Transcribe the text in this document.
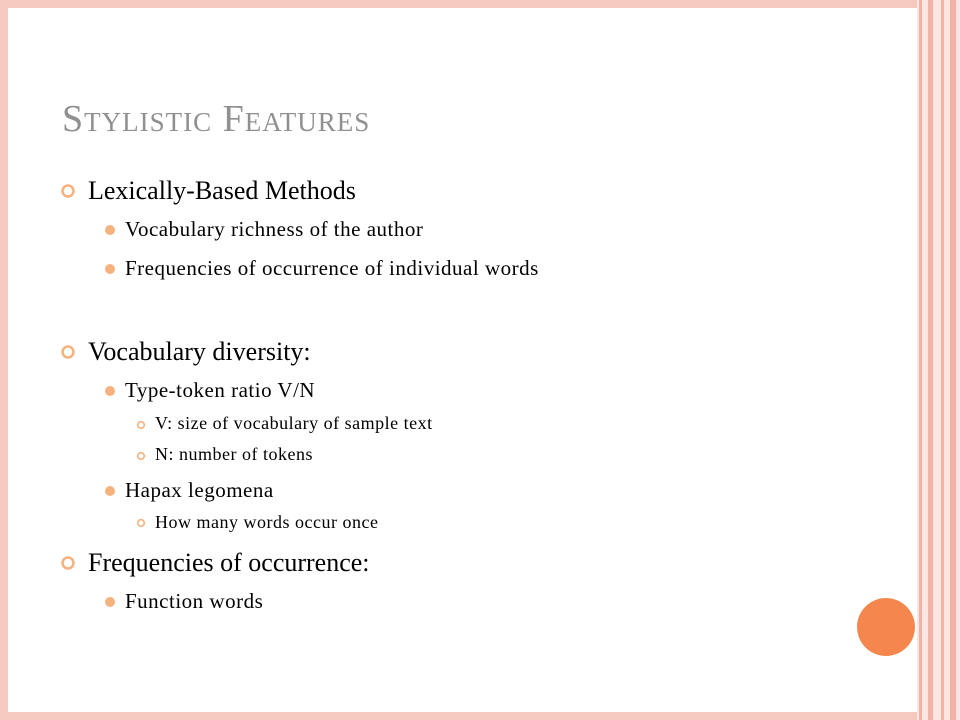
Stylistic Features
Lexically-Based Methods
Vocabulary richness of the author
Frequencies of occurrence of individual words
Vocabulary diversity:
Type-token ratio V/N
V: size of vocabulary of sample text
N: number of tokens
Hapax legomena
How many words occur once
Frequencies of occurrence:
Function words
